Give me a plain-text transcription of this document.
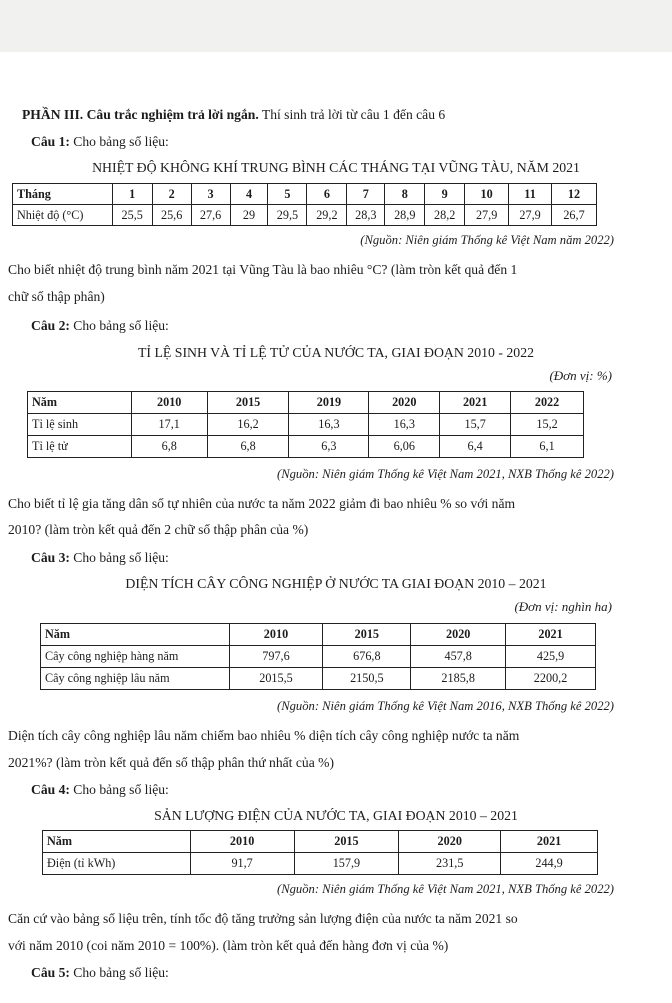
PHẦN III. Câu trắc nghiệm trả lời ngắn. Thí sinh trả lời từ câu 1 đến câu 6
Câu 1: Cho bảng số liệu:
NHIỆT ĐỘ KHÔNG KHÍ TRUNG BÌNH CÁC THÁNG TẠI VŨNG TÀU, NĂM 2021
Tháng	1	2	3	4	5	6	7	8	9	10	11	12
Nhiệt độ (°C)	25,5	25,6	27,6	29	29,5	29,2	28,3	28,9	28,2	27,9	27,9	26,7
(Nguồn: Niên giám Thống kê Việt Nam năm 2022)
Cho biết nhiệt độ trung bình năm 2021 tại Vũng Tàu là bao nhiêu °C? (làm tròn kết quả đến 1
chữ số thập phân)
Câu 2: Cho bảng số liệu:
TỈ LỆ SINH VÀ TỈ LỆ TỬ CỦA NƯỚC TA, GIAI ĐOẠN 2010 - 2022
(Đơn vị: %)
Năm	2010	2015	2019	2020	2021	2022
Tỉ lệ sinh	17,1	16,2	16,3	16,3	15,7	15,2
Tỉ lệ tử	6,8	6,8	6,3	6,06	6,4	6,1
(Nguồn: Niên giám Thống kê Việt Nam 2021, NXB Thống kê 2022)
Cho biết tỉ lệ gia tăng dân số tự nhiên của nước ta năm 2022 giảm đi bao nhiêu % so với năm
2010? (làm tròn kết quả đến 2 chữ số thập phân của %)
Câu 3: Cho bảng số liệu:
DIỆN TÍCH CÂY CÔNG NGHIỆP Ở NƯỚC TA GIAI ĐOẠN 2010 – 2021
(Đơn vị: nghìn ha)
Năm	2010	2015	2020	2021
Cây công nghiệp hàng năm	797,6	676,8	457,8	425,9
Cây công nghiệp lâu năm	2015,5	2150,5	2185,8	2200,2
(Nguồn: Niên giám Thống kê Việt Nam 2016, NXB Thống kê 2022)
Diện tích cây công nghiệp lâu năm chiếm bao nhiêu % diện tích cây công nghiệp nước ta năm
2021%? (làm tròn kết quả đến số thập phân thứ nhất của %)
Câu 4: Cho bảng số liệu:
SẢN LƯỢNG ĐIỆN CỦA NƯỚC TA, GIAI ĐOẠN 2010 – 2021
Năm	2010	2015	2020	2021
Điện (tỉ kWh)	91,7	157,9	231,5	244,9
(Nguồn: Niên giám Thống kê Việt Nam 2021, NXB Thống kê 2022)
Căn cứ vào bảng số liệu trên, tính tốc độ tăng trưởng sản lượng điện của nước ta năm 2021 so
với năm 2010 (coi năm 2010 = 100%). (làm tròn kết quả đến hàng đơn vị của %)
Câu 5: Cho bảng số liệu:
